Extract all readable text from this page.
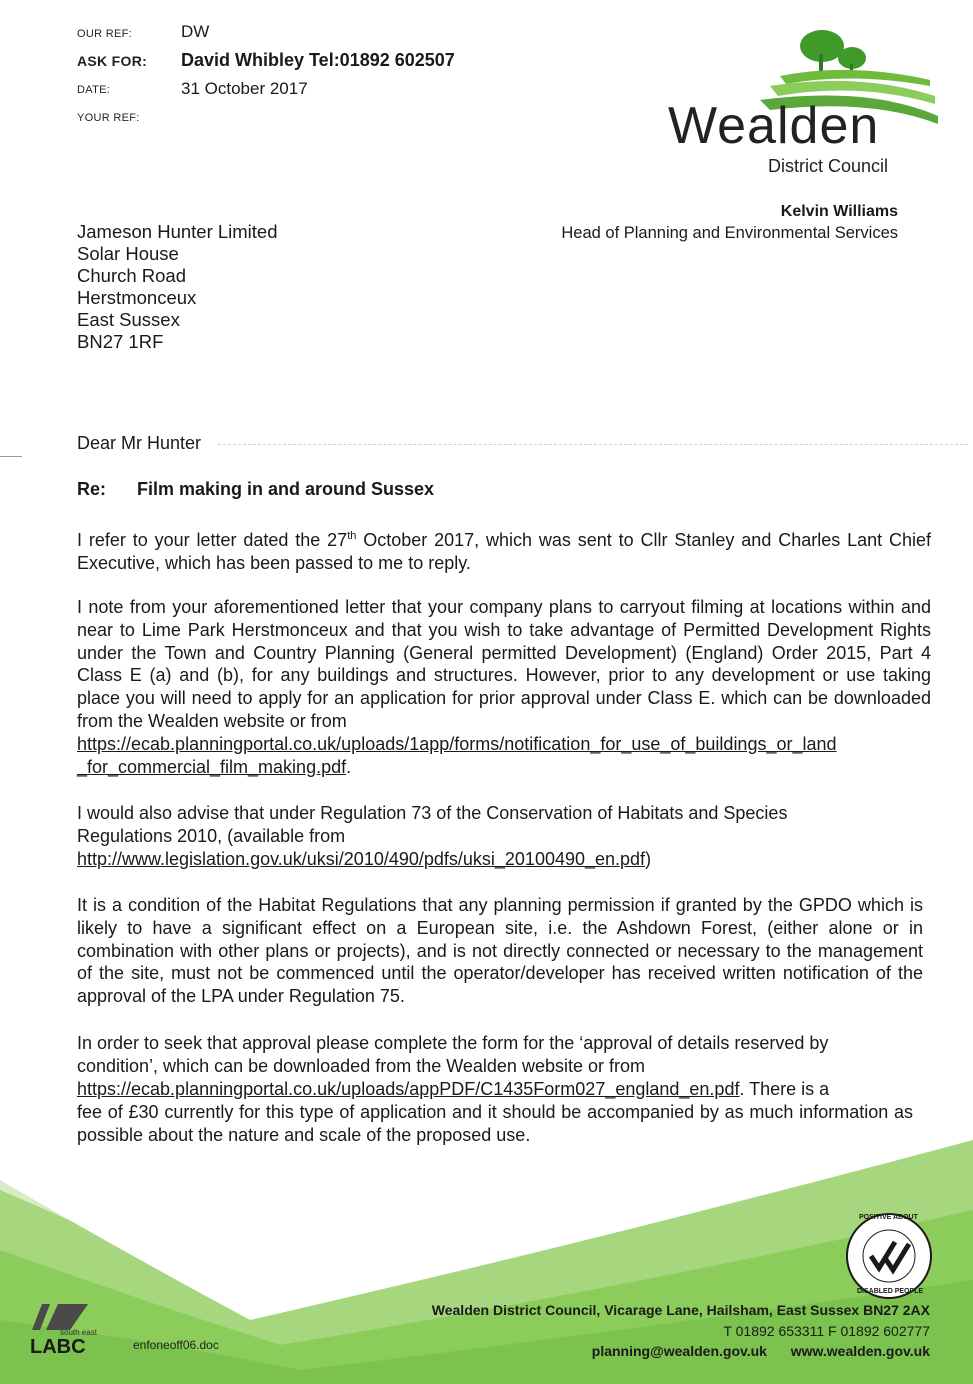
OUR REF:	DW
ASK FOR: David Whibley Tel:01892 602507
DATE:	31 October 2017
YOUR REF:	Wealden
District Council
Kelvin Williams
Head of Planning and Environmental Services
Jameson Hunter Limited
Solar House
Church Road
Herstmonceux
East Sussex
BN27 1RF
Dear Mr Hunter
Re: Film making in and around Sussex
I refer to your letter dated the 27th October 2017, which was sent to Cllr Stanley and Charles Lant Chief Executive, which has been passed to me to reply.
I note from your aforementioned letter that your company plans to carryout filming at locations within and near to Lime Park Herstmonceux and that you wish to take advantage of Permitted Development Rights under the Town and Country Planning (General permitted Development) (England) Order 2015, Part 4 Class E (a) and (b), for any buildings and structures. However, prior to any development or use taking place you will need to apply for an application for prior approval under Class E. which can be downloaded from the Wealden website or from
https://ecab.planningportal.co.uk/uploads/1app/forms/notification_for_use_of_buildings_or_land
_for_commercial_film_making.pdf.
I would also advise that under Regulation 73 of the Conservation of Habitats and Species
Regulations 2010, (available from
http://www.legislation.gov.uk/uksi/2010/490/pdfs/uksi_20100490_en.pdf)
It is a condition of the Habitat Regulations that any planning permission if granted by the GPDO which is likely to have a significant effect on a European site, i.e. the Ashdown Forest, (either alone or in combination with other plans or projects), and is not directly connected or necessary to the management of the site, must not be commenced until the operator/developer has received written notification of the approval of the LPA under Regulation 75.
In order to seek that approval please complete the form for the ‘approval of details reserved by
condition’, which can be downloaded from the Wealden website or from
https://ecab.planningportal.co.uk/uploads/appPDF/C1435Form027_england_en.pdf. There is a
fee of £30 currently for this type of application and it should be accompanied by as much information as possible about the nature and scale of the proposed use.
POSITIVE ABOUT
DISABLED PEOPLE
south east
LABC	enfoneoff06.doc
Wealden District Council, Vicarage Lane, Hailsham, East Sussex BN27 2AX
T 01892 653311 F 01892 602777
planning@wealden.gov.uk www.wealden.gov.uk
